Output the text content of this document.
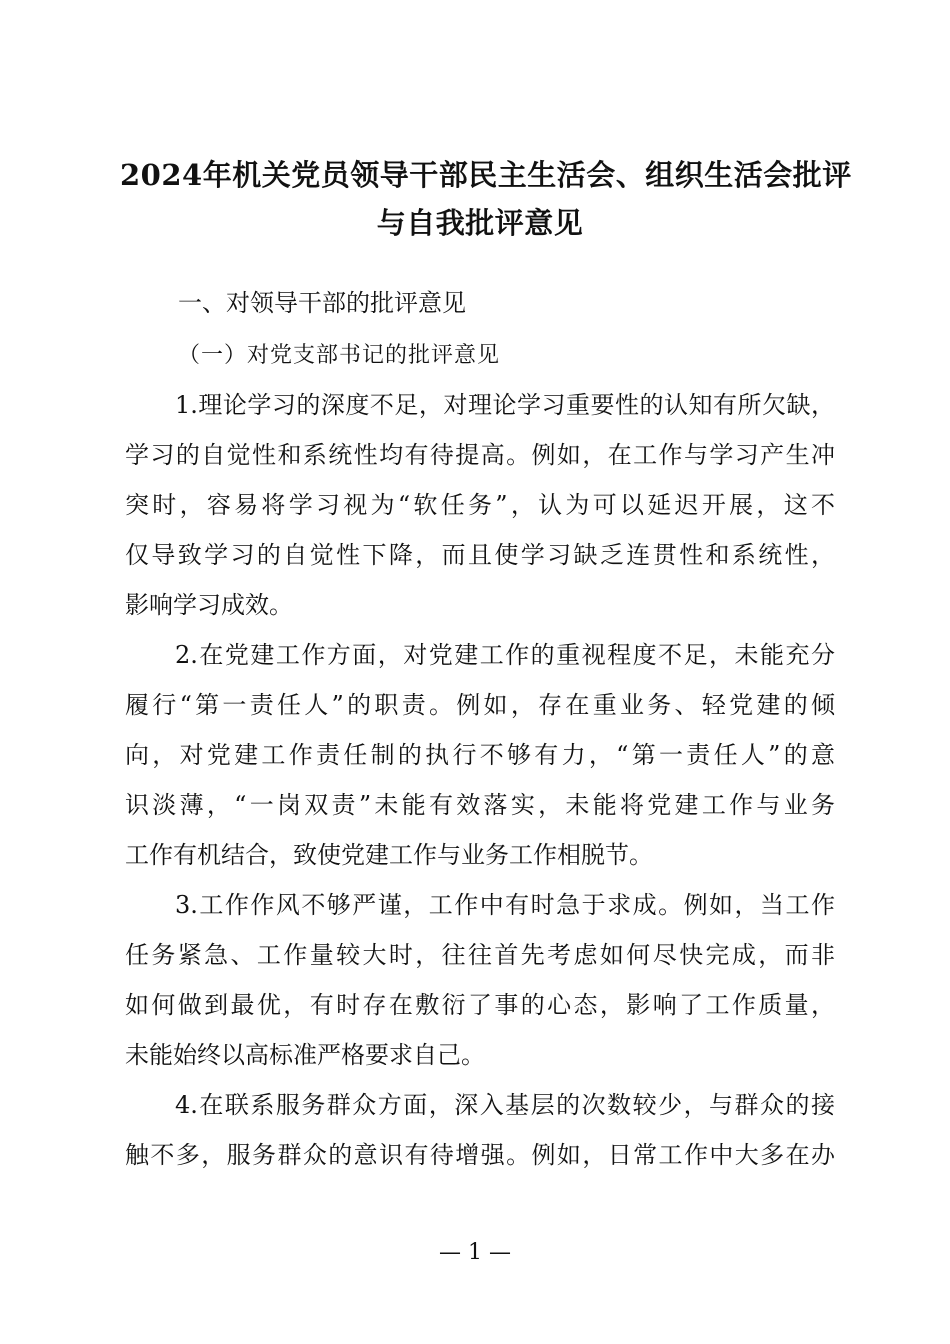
2024年机关党员领导干部民主生活会、组织生活会批评
与自我批评意见
一、对领导干部的批评意见
（一）对党支部书记的批评意见
1.理论学习的深度不足，对理论学习重要性的认知有所欠缺，
学习的自觉性和系统性均有待提高。例如，在工作与学习产生冲
突时，容易将学习视为“软任务”，认为可以延迟开展，这不
仅导致学习的自觉性下降，而且使学习缺乏连贯性和系统性，
影响学习成效。
2.在党建工作方面，对党建工作的重视程度不足，未能充分
履行“第一责任人”的职责。例如，存在重业务、轻党建的倾
向，对党建工作责任制的执行不够有力，“第一责任人”的意
识淡薄，“一岗双责”未能有效落实，未能将党建工作与业务
工作有机结合，致使党建工作与业务工作相脱节。
3.工作作风不够严谨，工作中有时急于求成。例如，当工作
任务紧急、工作量较大时，往往首先考虑如何尽快完成，而非
如何做到最优，有时存在敷衍了事的心态，影响了工作质量，
未能始终以高标准严格要求自己。
4.在联系服务群众方面，深入基层的次数较少，与群众的接
触不多，服务群众的意识有待增强。例如，日常工作中大多在办
— 1 —
